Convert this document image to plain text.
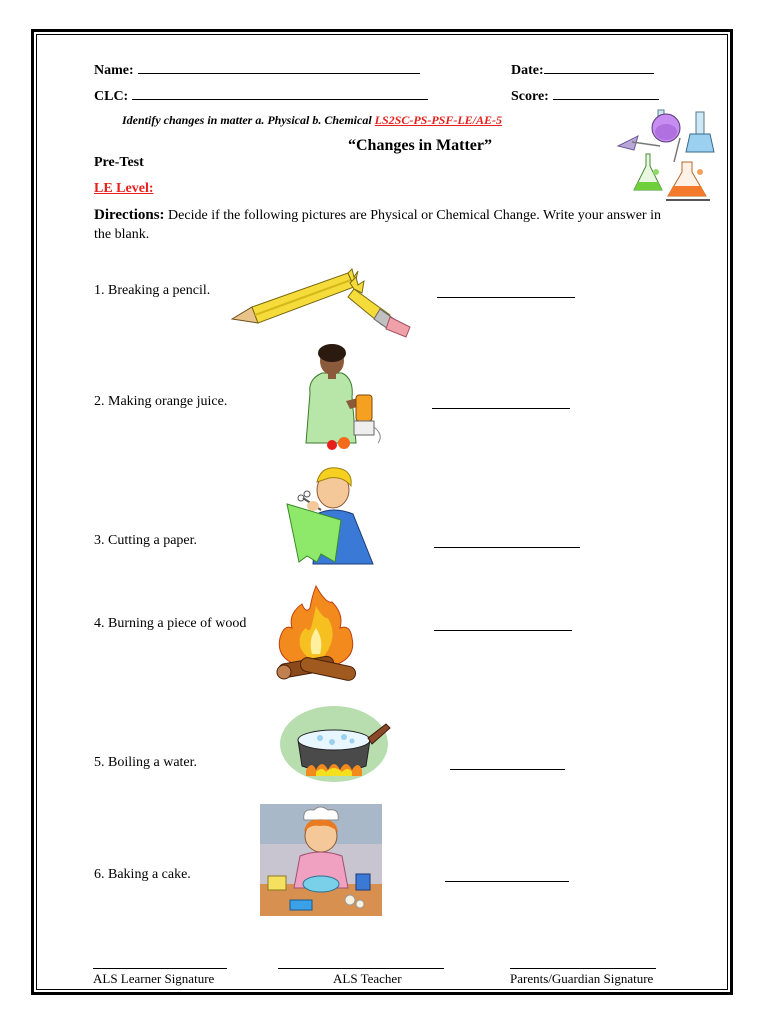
Name:	Date:
CLC:	Score:
Identify changes in matter a. Physical b. Chemical LS2SC-PS-PSF-LE/AE-5
“Changes in Matter”
Pre-Test
LE Level:
Directions: Decide if the following pictures are Physical or Chemical Change. Write your answer in the blank.
1. Breaking a pencil.
2. Making orange juice.
3. Cutting a paper.
4. Burning a piece of wood
5. Boiling a water.
6. Baking a cake.
ALS Learner Signature	ALS Teacher	Parents/Guardian Signature
